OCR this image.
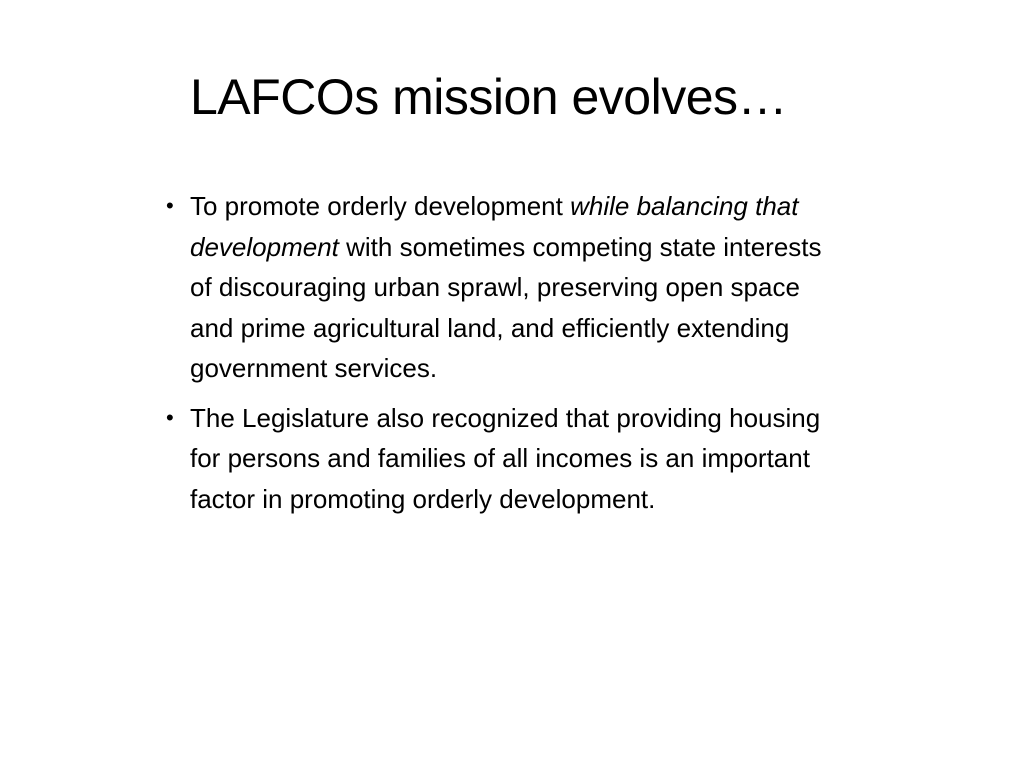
LAFCOs mission evolves…
• To promote orderly development while balancing that
development with sometimes competing state interests
of discouraging urban sprawl, preserving open space
and prime agricultural land, and efficiently extending
government services.
• The Legislature also recognized that providing housing
for persons and families of all incomes is an important
factor in promoting orderly development.
